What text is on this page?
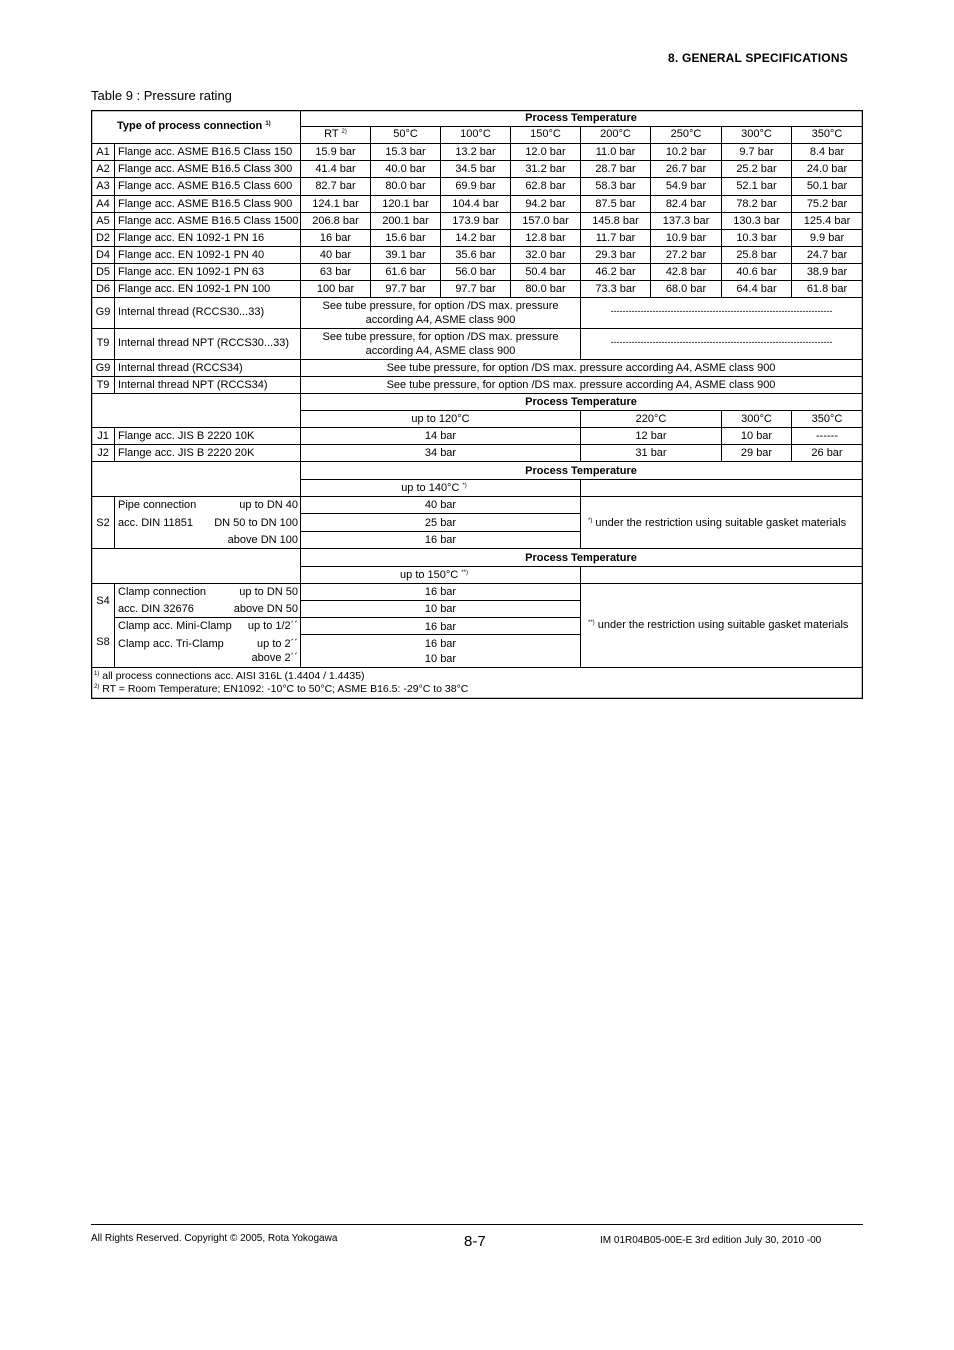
8. GENERAL SPECIFICATIONS
Table 9 : Pressure rating
Type of process connection $^{1)}$	Process Temperature
RT $^{2)}$	50°C	100°C	150°C	200°C	250°C	300°C	350°C
A1 Flange acc. ASME B16.5 Class 150 15.9 bar	15.3 bar	13.2 bar	12.0 bar	11.0 bar	10.2 bar	9.7 bar	8.4 bar
A2 Flange acc. ASME B16.5 Class 300 41.4 bar	40.0 bar	34.5 bar	31.2 bar	28.7 bar	26.7 bar	25.2 bar	24.0 bar
A3 Flange acc. ASME B16.5 Class 600 82.7 bar	80.0 bar	69.9 bar	62.8 bar	58.3 bar	54.9 bar	52.1 bar	50.1 bar
A4 Flange acc. ASME B16.5 Class 900 124.1 bar 120.1 bar 104.4 bar 94.2 bar	87.5 bar	82.4 bar	78.2 bar	75.2 bar
A5 Flange acc. ASME B16.5 Class 1500 206.8 bar 200.1 bar 173.9 bar 157.0 bar 145.8 bar 137.3 bar 130.3 bar 125.4 bar
D2 Flange acc. EN 1092-1 PN 16	16 bar	15.6 bar	14.2 bar	12.8 bar	11.7 bar	10.9 bar	10.3 bar	9.9 bar
D4 Flange acc. EN 1092-1 PN 40	40 bar	39.1 bar	35.6 bar	32.0 bar	29.3 bar	27.2 bar	25.8 bar	24.7 bar
D5 Flange acc. EN 1092-1 PN 63	63 bar	61.6 bar	56.0 bar	50.4 bar	46.2 bar	42.8 bar	40.6 bar	38.9 bar
D6 Flange acc. EN 1092-1 PN 100	100 bar	97.7 bar	97.7 bar	80.0 bar	73.3 bar	68.0 bar	64.4 bar	61.8 bar
G9 Internal thread (RCCS30...33)	See tube pressure, for option /DS max. pressure
according A4, ASME class 900
--------------------------------------------------------------------------
T9 Internal thread NPT (RCCS30...33)	See tube pressure, for option /DS max. pressure
according A4, ASME class 900
--------------------------------------------------------------------------
G9 Internal thread (RCCS34)	See tube pressure, for option /DS max. pressure according A4, ASME class 900
T9 Internal thread NPT (RCCS34)	See tube pressure, for option /DS max. pressure according A4, ASME class 900
Process Temperature
up to 120°C	220°C	300°C	350°C
J1 Flange acc. JIS B 2220 10K	14 bar	12 bar	10 bar	------
J2 Flange acc. JIS B 2220 20K	34 bar	31 bar	29 bar	26 bar
Process Temperature
up to 140°C *)
S2
Pipe connection	up to DN 40	40 bar
acc. DIN 11851 DN 50 to DN 100	25 bar
above DN 100	16 bar
*) under the restriction using suitable gasket materials
Process Temperature
up to 150°C **)
S4
Clamp connection	up to DN 50	16 bar
acc. DIN 32676	above DN 50	10 bar
S8
Clamp acc. Mini-Clamp up to 1/2´´	16 bar
Clamp acc. Tri-Clamp	up to 2´´	16 bar
above 2´´	10 bar
**) under the restriction using suitable gasket materials
$^{1)}$ all process connections acc. AISI 316L (1.4404 / 1.4435)
$^{2)}$ RT = Room Temperature; EN1092: -10°C to 50°C; ASME B16.5: -29°C to 38°C
All Rights Reserved. Copyright © 2005, Rota Yokogawa	8-7	IM 01R04B05-00E-E 3rd edition July 30, 2010 -00
